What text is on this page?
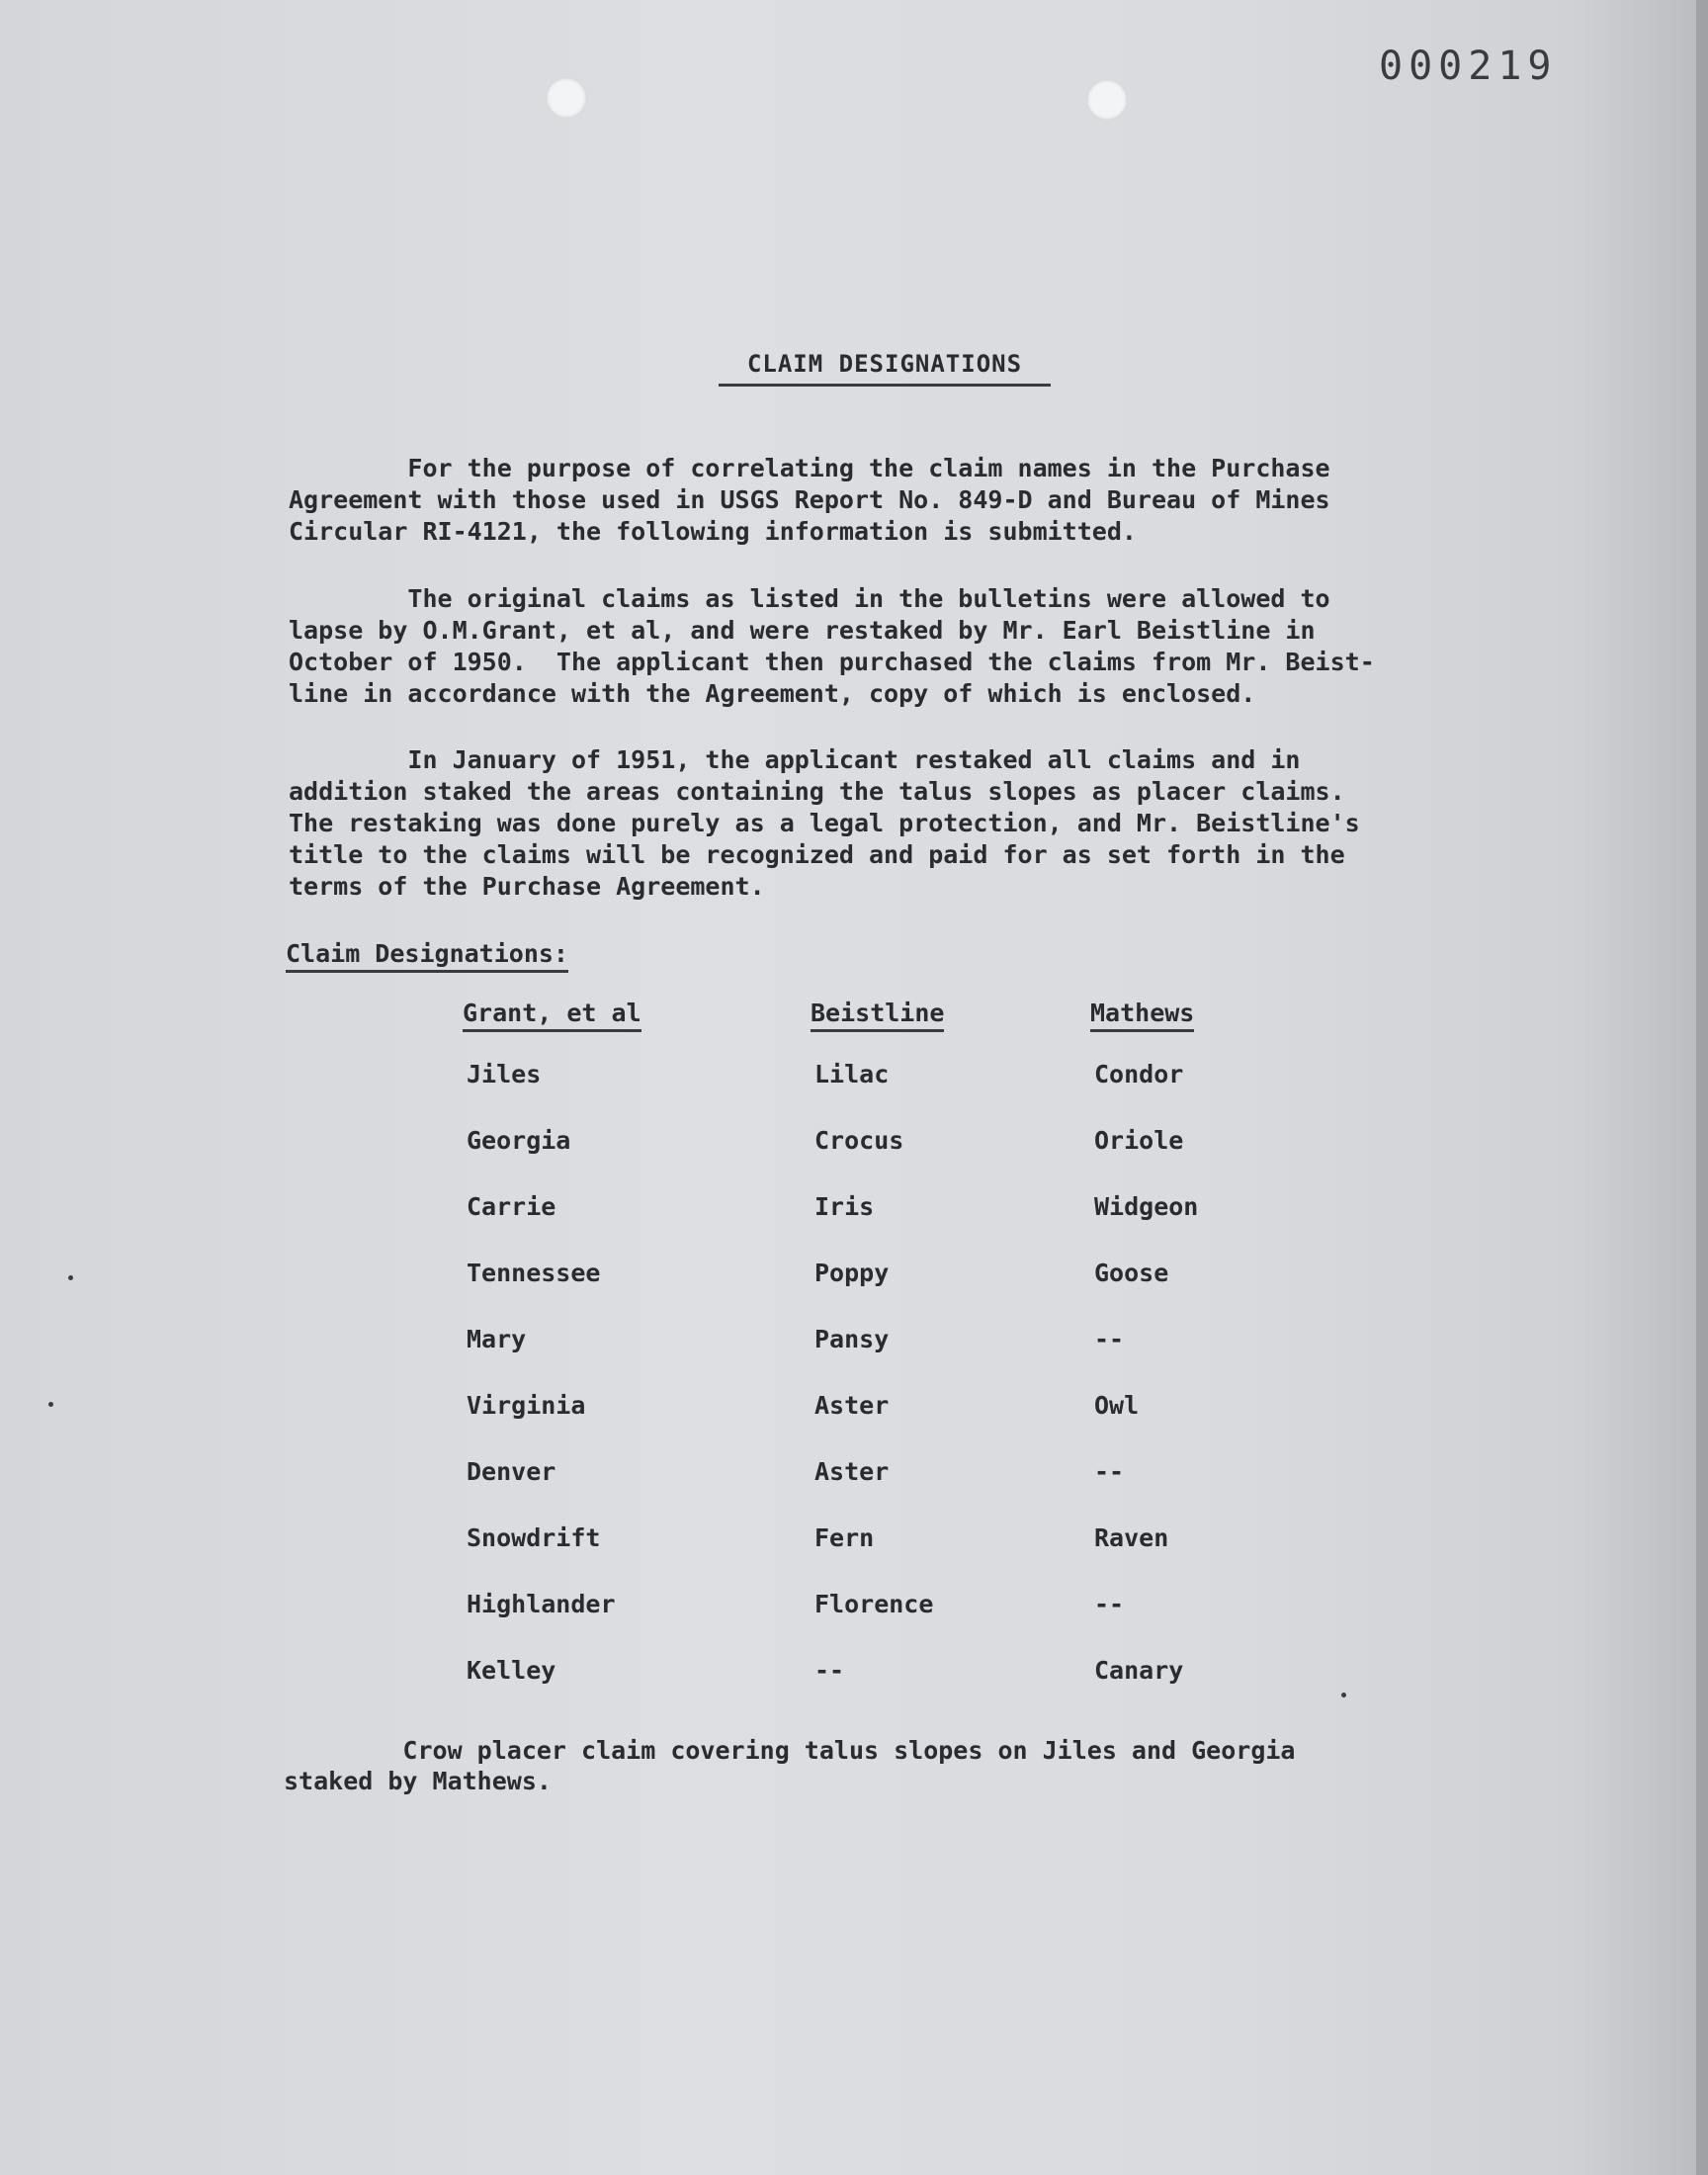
000219
CLAIM DESIGNATIONS

For the purpose of correlating the claim names in the Purchase
Agreement with those used in USGS Report No. 849-D and Bureau of Mines
Circular RI-4121, the following information is submitted.

The original claims as listed in the bulletins were allowed to
lapse by O.M.Grant, et al, and were restaked by Mr. Earl Beistline in
October of 1950.  The applicant then purchased the claims from Mr. Beist-
line in accordance with the Agreement, copy of which is enclosed.

In January of 1951, the applicant restaked all claims and in
addition staked the areas containing the talus slopes as placer claims.
The restaking was done purely as a legal protection, and Mr. Beistline's
title to the claims will be recognized and paid for as set forth in the
terms of the Purchase Agreement.

Claim Designations:
Grant, et al	Beistline	Mathews

Jiles	Lilac	Condor

Georgia	Crocus	Oriole

Carrie	Iris	Widgeon

Tennessee	Poppy	Goose

Mary	Pansy	--

Virginia	Aster	Owl

Denver	Aster	--

Snowdrift	Fern	Raven

Highlander	Florence	--

Kelley	--	Canary

Crow placer claim covering talus slopes on Jiles and Georgia
staked by Mathews.
